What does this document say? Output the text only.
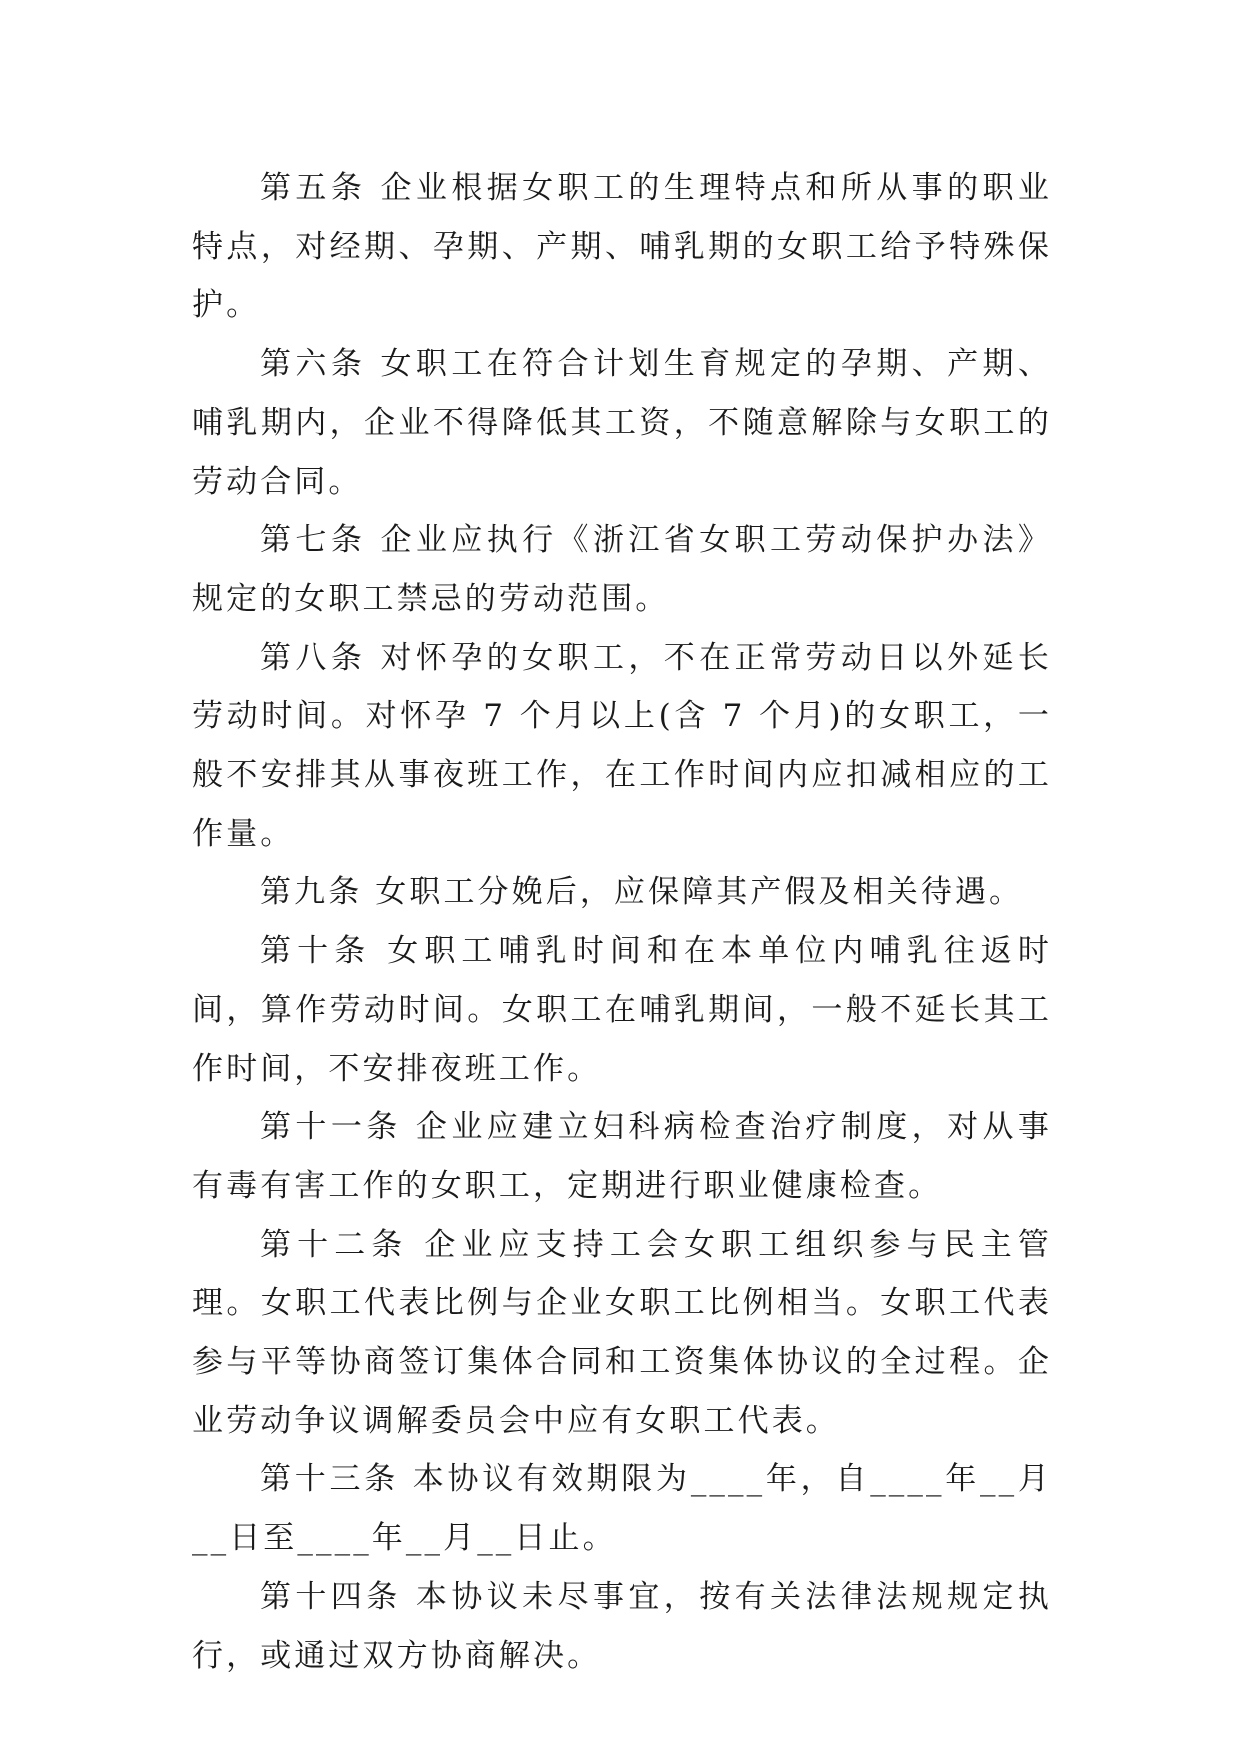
第五条 企业根据女职工的生理特点和所从事的职业特点，对经期、孕期、产期、哺乳期的女职工给予特殊保护。

第六条 女职工在符合计划生育规定的孕期、产期、哺乳期内，企业不得降低其工资，不随意解除与女职工的劳动合同。

第七条 企业应执行《浙江省女职工劳动保护办法》规定的女职工禁忌的劳动范围。

第八条 对怀孕的女职工，不在正常劳动日以外延长劳动时间。对怀孕 7 个月以上(含 7 个月)的女职工，一般不安排其从事夜班工作，在工作时间内应扣减相应的工作量。

第九条 女职工分娩后，应保障其产假及相关待遇。

第十条 女职工哺乳时间和在本单位内哺乳往返时间，算作劳动时间。女职工在哺乳期间，一般不延长其工作时间，不安排夜班工作。

第十一条 企业应建立妇科病检查治疗制度，对从事有毒有害工作的女职工，定期进行职业健康检查。

第十二条 企业应支持工会女职工组织参与民主管理。女职工代表比例与企业女职工比例相当。女职工代表参与平等协商签订集体合同和工资集体协议的全过程。企业劳动争议调解委员会中应有女职工代表。

第十三条 本协议有效期限为____年，自____年__月__日至____年__月__日止。

第十四条 本协议未尽事宜，按有关法律法规规定执行，或通过双方协商解决。
